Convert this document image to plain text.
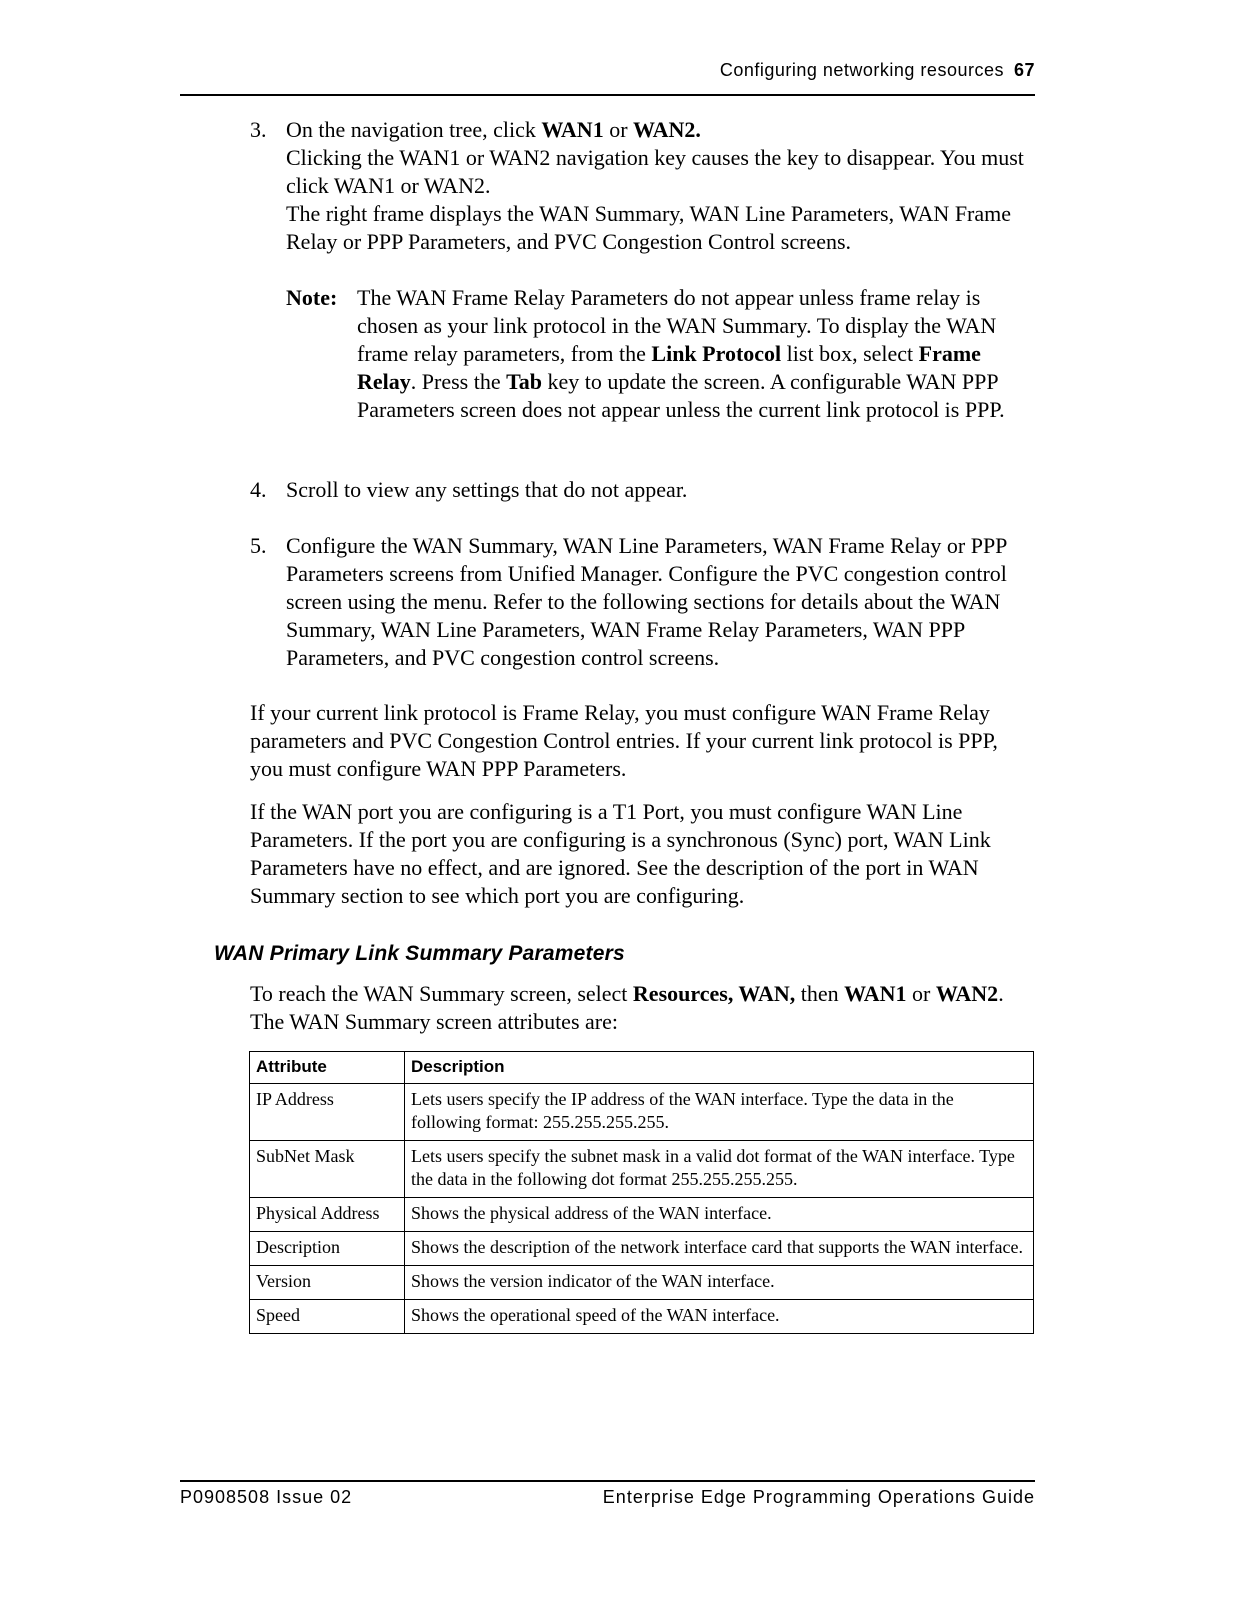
Configuring networking resources 67
3. On the navigation tree, click WAN1 or WAN2.

Clicking the WAN1 or WAN2 navigation key causes the key to disappear. You must click WAN1 or WAN2.

The right frame displays the WAN Summary, WAN Line Parameters, WAN Frame Relay or PPP Parameters, and PVC Congestion Control screens.

Note: The WAN Frame Relay Parameters do not appear unless frame relay is chosen as your link protocol in the WAN Summary. To display the WAN frame relay parameters, from the Link Protocol list box, select Frame Relay. Press the Tab key to update the screen. A configurable WAN PPP Parameters screen does not appear unless the current link protocol is PPP.
4. Scroll to view any settings that do not appear.

5. Configure the WAN Summary, WAN Line Parameters, WAN Frame Relay or PPP Parameters screens from Unified Manager. Configure the PVC congestion control screen using the menu. Refer to the following sections for details about the WAN Summary, WAN Line Parameters, WAN Frame Relay Parameters, WAN PPP Parameters, and PVC congestion control screens.

If your current link protocol is Frame Relay, you must configure WAN Frame Relay parameters and PVC Congestion Control entries. If your current link protocol is PPP, you must configure WAN PPP Parameters.

If the WAN port you are configuring is a T1 Port, you must configure WAN Line Parameters. If the port you are configuring is a synchronous (Sync) port, WAN Link Parameters have no effect, and are ignored. See the description of the port in WAN Summary section to see which port you are configuring.

WAN Primary Link Summary Parameters

To reach the WAN Summary screen, select Resources, WAN, then WAN1 or WAN2. The WAN Summary screen attributes are:

Attribute	Description
IP Address	Lets users specify the IP address of the WAN interface. Type the data in the following format: 255.255.255.255.
SubNet Mask	Lets users specify the subnet mask in a valid dot format of the WAN interface. Type the data in the following dot format 255.255.255.255.
Physical Address	Shows the physical address of the WAN interface.
Description	Shows the description of the network interface card that supports the WAN interface.
Version	Shows the version indicator of the WAN interface.
Speed	Shows the operational speed of the WAN interface.
P0908508 Issue 02	Enterprise Edge Programming Operations Guide
